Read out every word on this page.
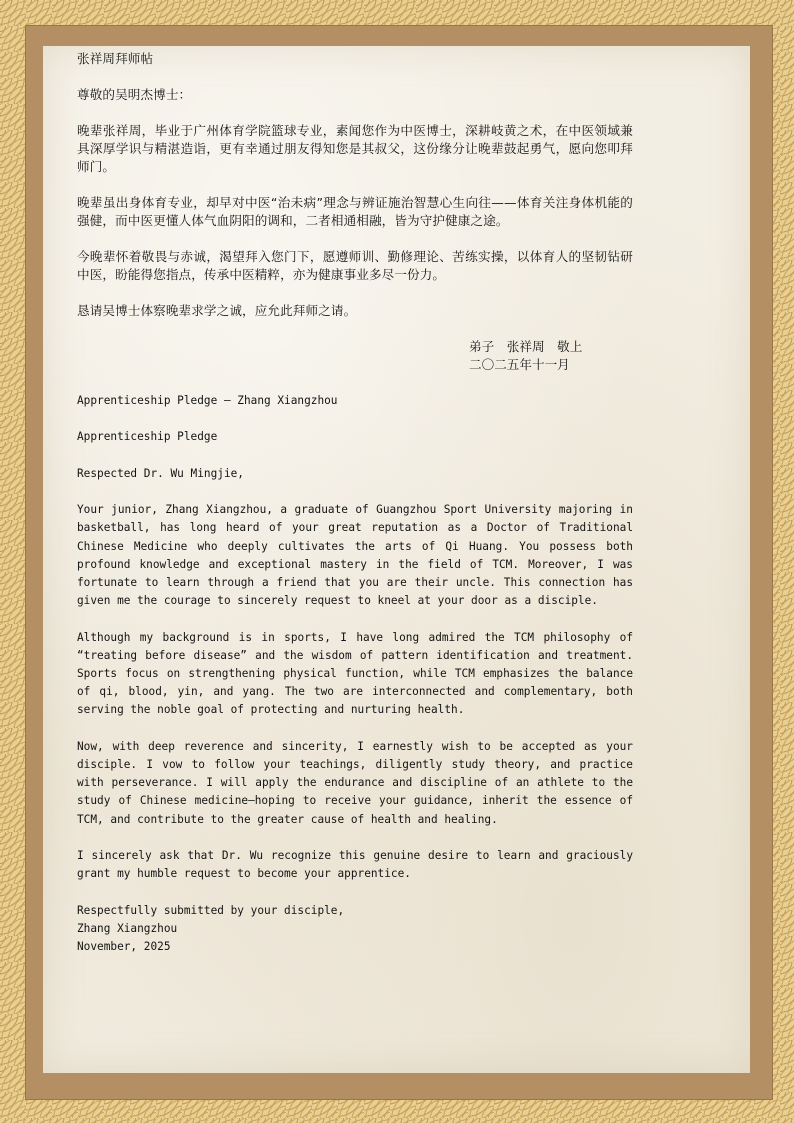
张祥周拜师帖

尊敬的吴明杰博士：

晚辈张祥周，毕业于广州体育学院篮球专业，素闻您作为中医博士，深耕岐黄之术，在中医领域兼具深厚学识与精湛造诣，更有幸通过朋友得知您是其叔父，这份缘分让晚辈鼓起勇气，愿向您叩拜师门。

晚辈虽出身体育专业，却早对中医“治未病”理念与辨证施治智慧心生向往——体育关注身体机能的强健，而中医更懂人体气血阴阳的调和，二者相通相融，皆为守护健康之途。

今晚辈怀着敬畏与赤诚，渴望拜入您门下，愿遵师训、勤修理论、苦练实操，以体育人的坚韧钻研中医，盼能得您指点，传承中医精粹，亦为健康事业多尽一份力。

恳请吴博士体察晚辈求学之诚，应允此拜师之请。

弟子　张祥周　敬上
二〇二五年十一月

Apprenticeship Pledge — Zhang Xiangzhou

Apprenticeship Pledge

Respected Dr. Wu Mingjie,

Your junior, Zhang Xiangzhou, a graduate of Guangzhou Sport University majoring in basketball, has long heard of your great reputation as a Doctor of Traditional Chinese Medicine who deeply cultivates the arts of Qi Huang. You possess both profound knowledge and exceptional mastery in the field of TCM. Moreover, I was fortunate to learn through a friend that you are their uncle. This connection has given me the courage to sincerely request to kneel at your door as a disciple.

Although my background is in sports, I have long admired the TCM philosophy of “treating before disease” and the wisdom of pattern identification and treatment. Sports focus on strengthening physical function, while TCM emphasizes the balance of qi, blood, yin, and yang. The two are interconnected and complementary, both serving the noble goal of protecting and nurturing health.

Now, with deep reverence and sincerity, I earnestly wish to be accepted as your disciple. I vow to follow your teachings, diligently study theory, and practice with perseverance. I will apply the endurance and discipline of an athlete to the study of Chinese medicine—hoping to receive your guidance, inherit the essence of TCM, and contribute to the greater cause of health and healing.

I sincerely ask that Dr. Wu recognize this genuine desire to learn and graciously grant my humble request to become your apprentice.

Respectfully submitted by your disciple,

Zhang Xiangzhou

November, 2025
